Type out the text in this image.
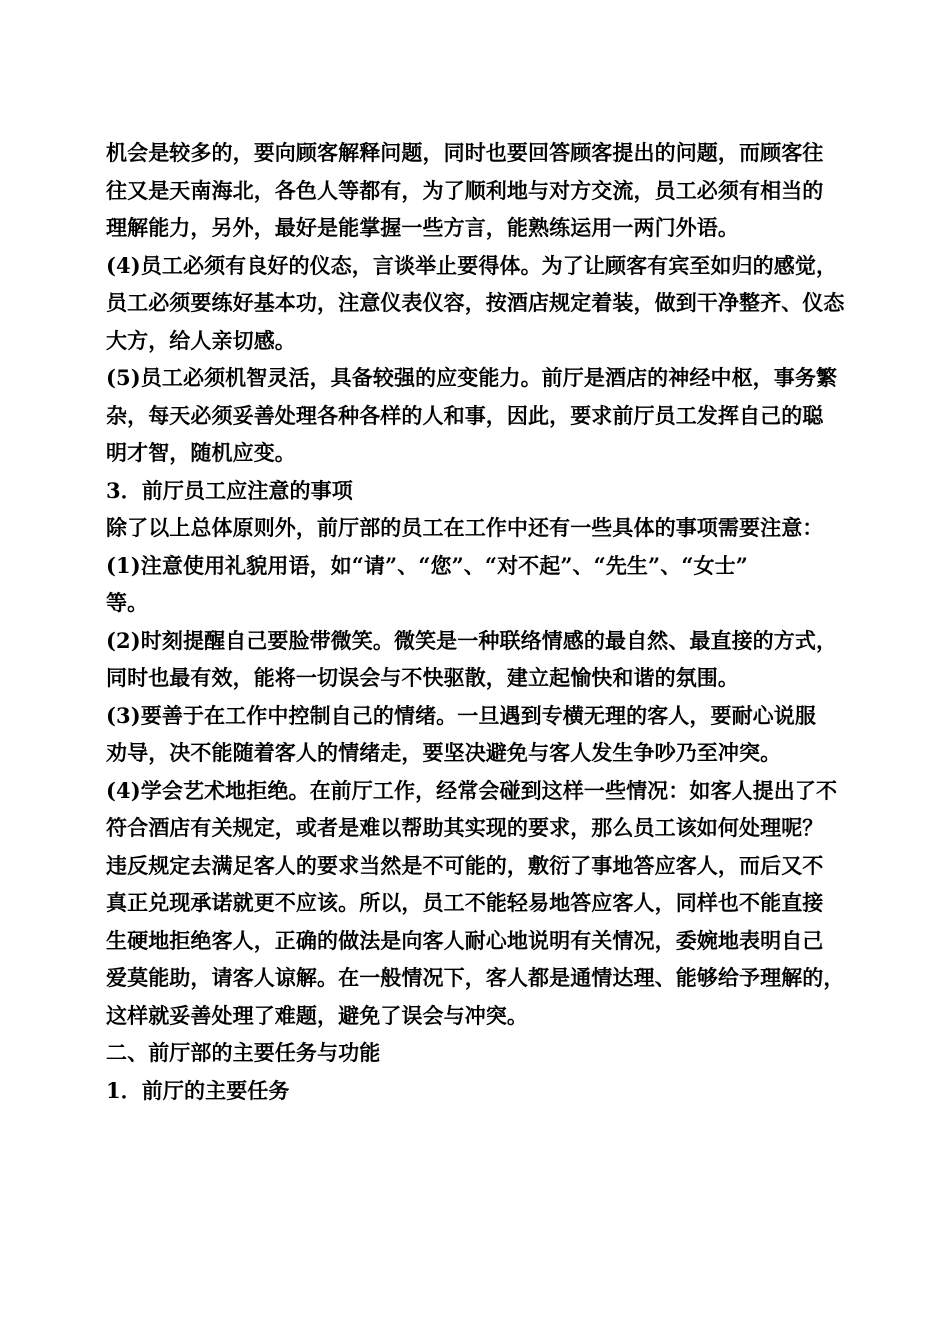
机会是较多的，要向顾客解释问题，同时也要回答顾客提出的问题，而顾客往
往又是天南海北，各色人等都有，为了顺利地与对方交流，员工必须有相当的
理解能力，另外，最好是能掌握一些方言，能熟练运用一两门外语。
(4)员工必须有良好的仪态，言谈举止要得体。为了让顾客有宾至如归的感觉，
员工必须要练好基本功，注意仪表仪容，按酒店规定着装，做到干净整齐、仪态
大方，给人亲切感。
(5)员工必须机智灵活，具备较强的应变能力。前厅是酒店的神经中枢，事务繁
杂，每天必须妥善处理各种各样的人和事，因此，要求前厅员工发挥自己的聪
明才智，随机应变。
3．前厅员工应注意的事项
除了以上总体原则外，前厅部的员工在工作中还有一些具体的事项需要注意：
(1)注意使用礼貌用语，如“请”、“您”、“对不起”、“先生”、“女士”
等。
(2)时刻提醒自己要脸带微笑。微笑是一种联络情感的最自然、最直接的方式，
同时也最有效，能将一切误会与不快驱散，建立起愉快和谐的氛围。
(3)要善于在工作中控制自己的情绪。一旦遇到专横无理的客人，要耐心说服
劝导，决不能随着客人的情绪走，要坚决避免与客人发生争吵乃至冲突。
(4)学会艺术地拒绝。在前厅工作，经常会碰到这样一些情况：如客人提出了不
符合酒店有关规定，或者是难以帮助其实现的要求，那么员工该如何处理呢？
违反规定去满足客人的要求当然是不可能的，敷衍了事地答应客人，而后又不
真正兑现承诺就更不应该。所以，员工不能轻易地答应客人，同样也不能直接
生硬地拒绝客人，正确的做法是向客人耐心地说明有关情况，委婉地表明自己
爱莫能助，请客人谅解。在一般情况下，客人都是通情达理、能够给予理解的，
这样就妥善处理了难题，避免了误会与冲突。
二、前厅部的主要任务与功能
1．前厅的主要任务
